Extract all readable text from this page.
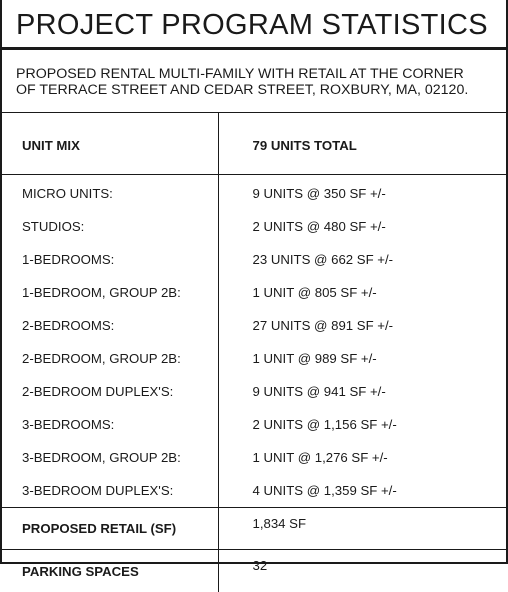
PROJECT PROGRAM STATISTICS
PROPOSED RENTAL MULTI-FAMILY WITH RETAIL AT THE CORNER
OF TERRACE STREET AND CEDAR STREET, ROXBURY, MA, 02120.
UNIT MIX	79 UNITS TOTAL
MICRO UNITS:	9 UNITS @ 350 SF +/-
STUDIOS:	2 UNITS @ 480 SF +/-
1-BEDROOMS:	23 UNITS @ 662 SF +/-
1-BEDROOM, GROUP 2B:	1 UNIT @ 805 SF +/-
2-BEDROOMS:	27 UNITS @ 891 SF +/-
2-BEDROOM, GROUP 2B:	1 UNIT @ 989 SF +/-
2-BEDROOM DUPLEX'S:	9 UNITS @ 941 SF +/-
3-BEDROOMS:	2 UNITS @ 1,156 SF +/-
3-BEDROOM, GROUP 2B:	1 UNIT @ 1,276 SF +/-
3-BEDROOM DUPLEX'S:	4 UNITS @ 1,359 SF +/-
PROPOSED RETAIL (SF)	1,834 SF
PARKING SPACES	32
